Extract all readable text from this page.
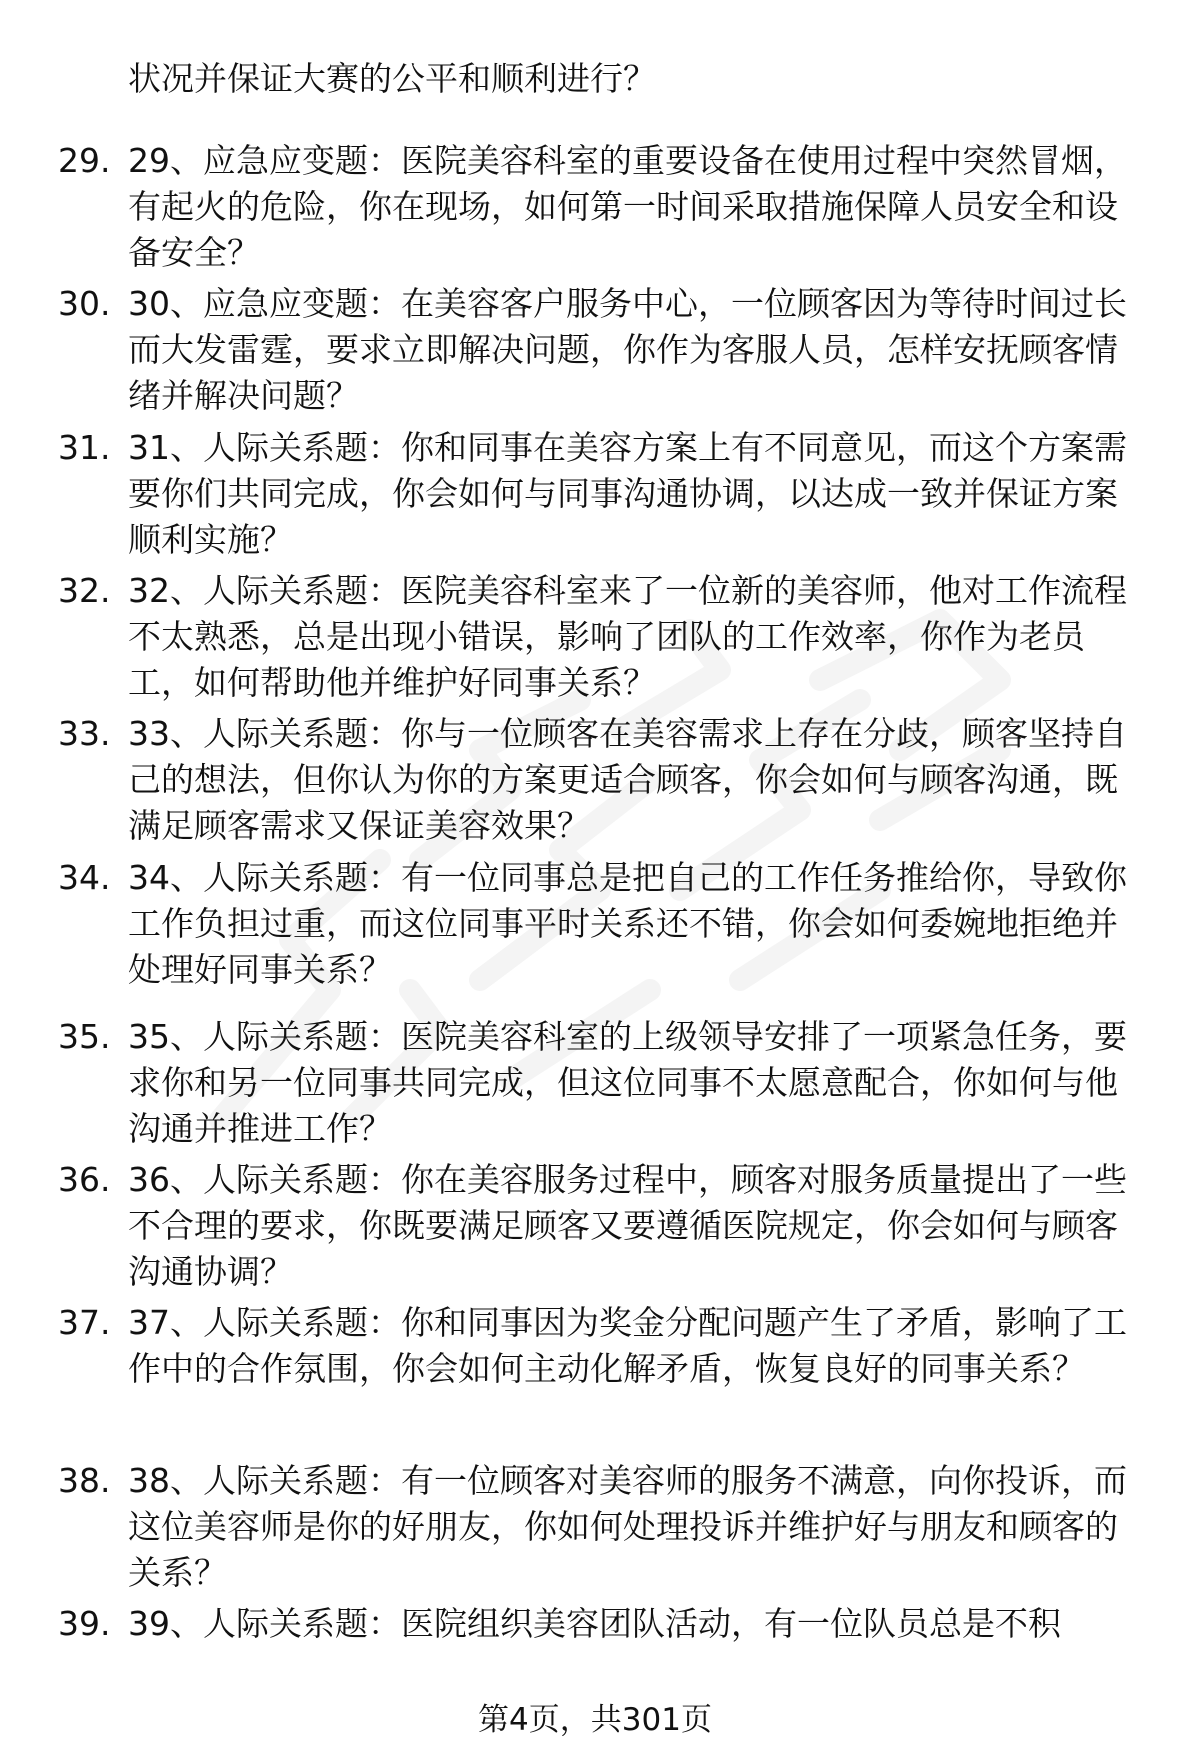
状况并保证大赛的公平和顺利进行？
29. 29、应急应变题：医院美容科室的重要设备在使用过程中突然冒烟，有起火的危险，你在现场，如何第一时间采取措施保障人员安全和设备安全？
30. 30、应急应变题：在美容客户服务中心，一位顾客因为等待时间过长而大发雷霆，要求立即解决问题，你作为客服人员，怎样安抚顾客情绪并解决问题？
31. 31、人际关系题：你和同事在美容方案上有不同意见，而这个方案需要你们共同完成，你会如何与同事沟通协调，以达成一致并保证方案顺利实施？
32. 32、人际关系题：医院美容科室来了一位新的美容师，他对工作流程不太熟悉，总是出现小错误，影响了团队的工作效率，你作为老员工，如何帮助他并维护好同事关系？
33. 33、人际关系题：你与一位顾客在美容需求上存在分歧，顾客坚持自己的想法，但你认为你的方案更适合顾客，你会如何与顾客沟通，既满足顾客需求又保证美容效果？
34. 34、人际关系题：有一位同事总是把自己的工作任务推给你，导致你工作负担过重，而这位同事平时关系还不错，你会如何委婉地拒绝并处理好同事关系？
35. 35、人际关系题：医院美容科室的上级领导安排了一项紧急任务，要求你和另一位同事共同完成，但这位同事不太愿意配合，你如何与他沟通并推进工作？
36. 36、人际关系题：你在美容服务过程中，顾客对服务质量提出了一些不合理的要求，你既要满足顾客又要遵循医院规定，你会如何与顾客沟通协调？
37. 37、人际关系题：你和同事因为奖金分配问题产生了矛盾，影响了工作中的合作氛围，你会如何主动化解矛盾，恢复良好的同事关系？
38. 38、人际关系题：有一位顾客对美容师的服务不满意，向你投诉，而这位美容师是你的好朋友，你如何处理投诉并维护好与朋友和顾客的关系？
39. 39、人际关系题：医院组织美容团队活动，有一位队员总是不积
第4页，共301页
